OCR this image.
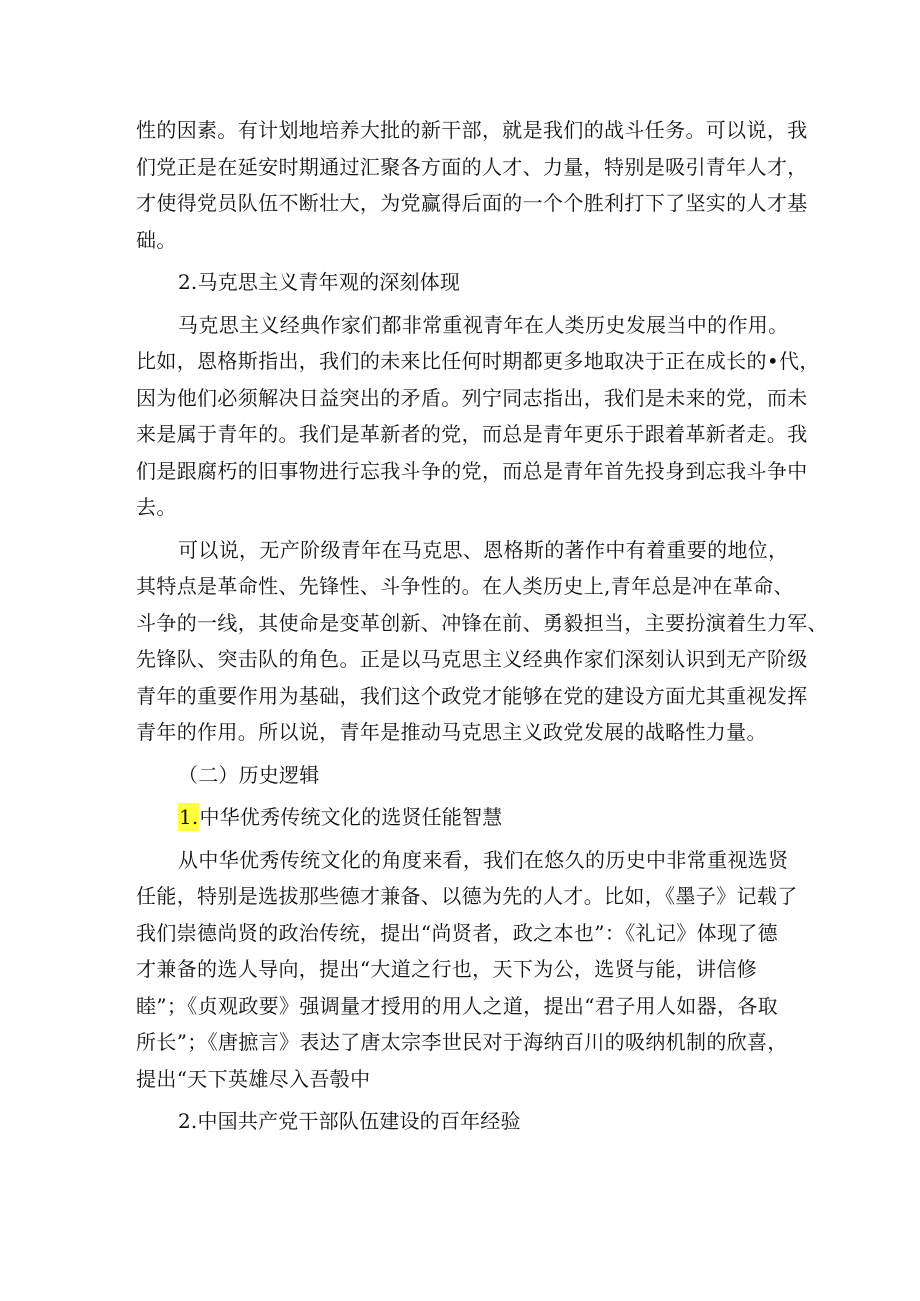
性的因素。有计划地培养大批的新干部，就是我们的战斗任务。可以说，我

们党正是在延安时期通过汇聚各方面的人才、力量，特别是吸引青年人才，

才使得党员队伍不断壮大，为党赢得后面的一个个胜利打下了坚实的人才基

础。

2.马克思主义青年观的深刻体现

马克思主义经典作家们都非常重视青年在人类历史发展当中的作用。

比如，恩格斯指出，我们的未来比任何时期都更多地取决于正在成长的•代，

因为他们必须解决日益突出的矛盾。列宁同志指出，我们是未来的党，而未

来是属于青年的。我们是革新者的党，而总是青年更乐于跟着革新者走。我

们是跟腐朽的旧事物进行忘我斗争的党，而总是青年首先投身到忘我斗争中

去。

可以说，无产阶级青年在马克思、恩格斯的著作中有着重要的地位，

其特点是革命性、先锋性、斗争性的。在人类历史上,青年总是冲在革命、

斗争的一线，其使命是变革创新、冲锋在前、勇毅担当，主要扮演着生力军、

先锋队、突击队的角色。正是以马克思主义经典作家们深刻认识到无产阶级

青年的重要作用为基础，我们这个政党才能够在党的建设方面尤其重视发挥

青年的作用。所以说，青年是推动马克思主义政党发展的战略性力量。

（二）历史逻辑

1.中华优秀传统文化的选贤任能智慧

从中华优秀传统文化的角度来看，我们在悠久的历史中非常重视选贤

任能，特别是选拔那些德才兼备、以德为先的人才。比如，《墨子》记载了

我们崇德尚贤的政治传统，提出“尚贤者，政之本也”：《礼记》体现了德

才兼备的选人导向，提出“大道之行也，天下为公，选贤与能，讲信修

睦”；《贞观政要》强调量才授用的用人之道，提出“君子用人如器，各取

所长”；《唐摭言》表达了唐太宗李世民对于海纳百川的吸纳机制的欣喜，

提出“天下英雄尽入吾彀中

2.中国共产党干部队伍建设的百年经验
